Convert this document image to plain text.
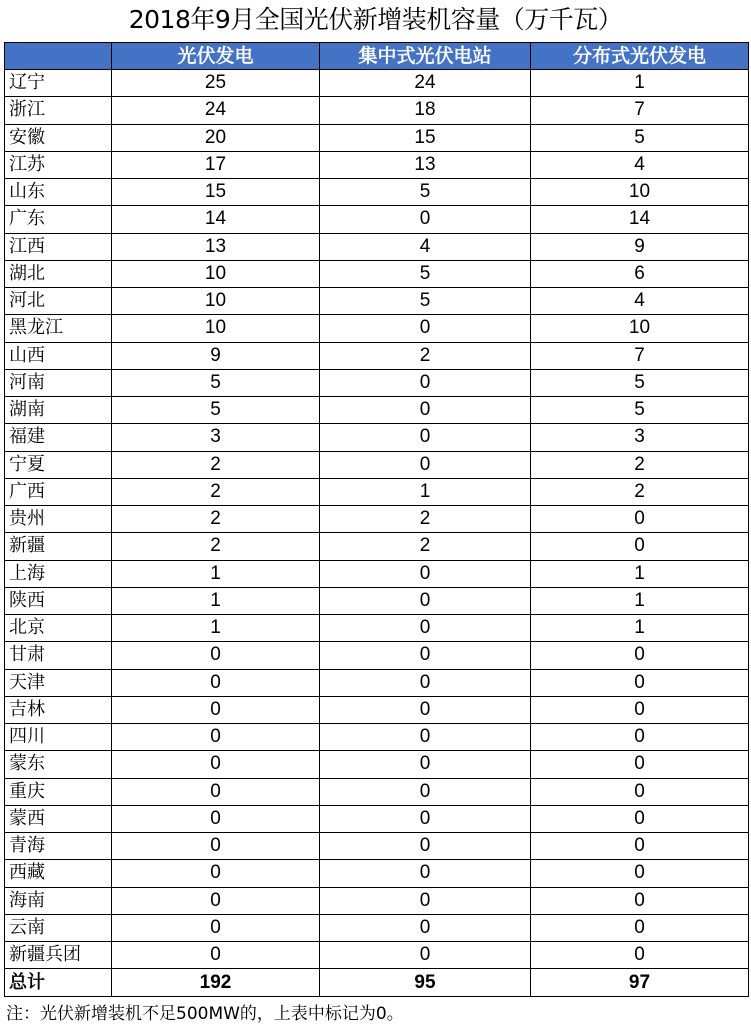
2018年9月全国光伏新增装机容量（万千瓦）
	光伏发电	集中式光伏电站	分布式光伏发电
辽宁	25	24	1
浙江	24	18	7
安徽	20	15	5
江苏	17	13	4
山东	15	5	10
广东	14	0	14
江西	13	4	9
湖北	10	5	6
河北	10	5	4
黑龙江	10	0	10
山西	9	2	7
河南	5	0	5
湖南	5	0	5
福建	3	0	3
宁夏	2	0	2
广西	2	1	2
贵州	2	2	0
新疆	2	2	0
上海	1	0	1
陕西	1	0	1
北京	1	0	1
甘肃	0	0	0
天津	0	0	0
吉林	0	0	0
四川	0	0	0
蒙东	0	0	0
重庆	0	0	0
蒙西	0	0	0
青海	0	0	0
西藏	0	0	0
海南	0	0	0
云南	0	0	0
新疆兵团	0	0	0
总计	192	95	97
注：光伏新增装机不足500MW的，上表中标记为0。
